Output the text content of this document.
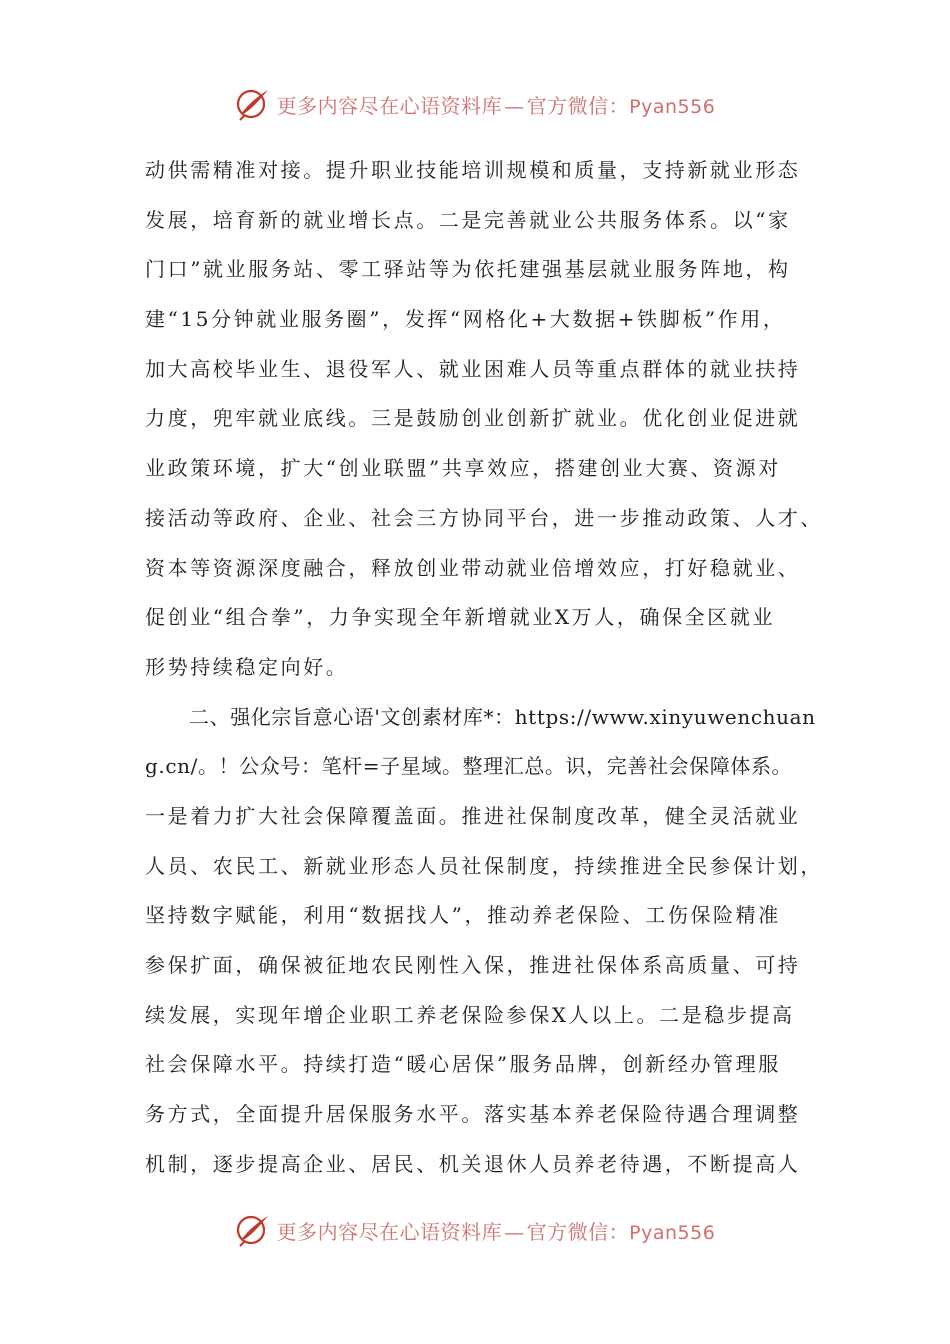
更多内容尽在心语资料库 — 官方微信：Pyan556
动供需精准对接。提升职业技能培训规模和质量，支持新就业形态
发展，培育新的就业增长点。二是完善就业公共服务体系。以“家
门口”就业服务站、零工驿站等为依托建强基层就业服务阵地，构
建“15分钟就业服务圈”，发挥“网格化+大数据+铁脚板”作用，
加大高校毕业生、退役军人、就业困难人员等重点群体的就业扶持
力度，兜牢就业底线。三是鼓励创业创新扩就业。优化创业促进就
业政策环境，扩大“创业联盟”共享效应，搭建创业大赛、资源对
接活动等政府、企业、社会三方协同平台，进一步推动政策、人才、
资本等资源深度融合，释放创业带动就业倍增效应，打好稳就业、
促创业“组合拳”，力争实现全年新增就业X万人，确保全区就业
形势持续稳定向好。
二、强化宗旨意心语'文创素材库*：https://www.xinyuwenchuan
g.cn/。！公众号：笔杆=子星域。整理汇总。识，完善社会保障体系。
一是着力扩大社会保障覆盖面。推进社保制度改革，健全灵活就业
人员、农民工、新就业形态人员社保制度，持续推进全民参保计划，
坚持数字赋能，利用“数据找人”，推动养老保险、工伤保险精准
参保扩面，确保被征地农民刚性入保，推进社保体系高质量、可持
续发展，实现年增企业职工养老保险参保X人以上。二是稳步提高
社会保障水平。持续打造“暖心居保”服务品牌，创新经办管理服
务方式，全面提升居保服务水平。落实基本养老保险待遇合理调整
机制，逐步提高企业、居民、机关退休人员养老待遇，不断提高人
更多内容尽在心语资料库 — 官方微信：Pyan556
